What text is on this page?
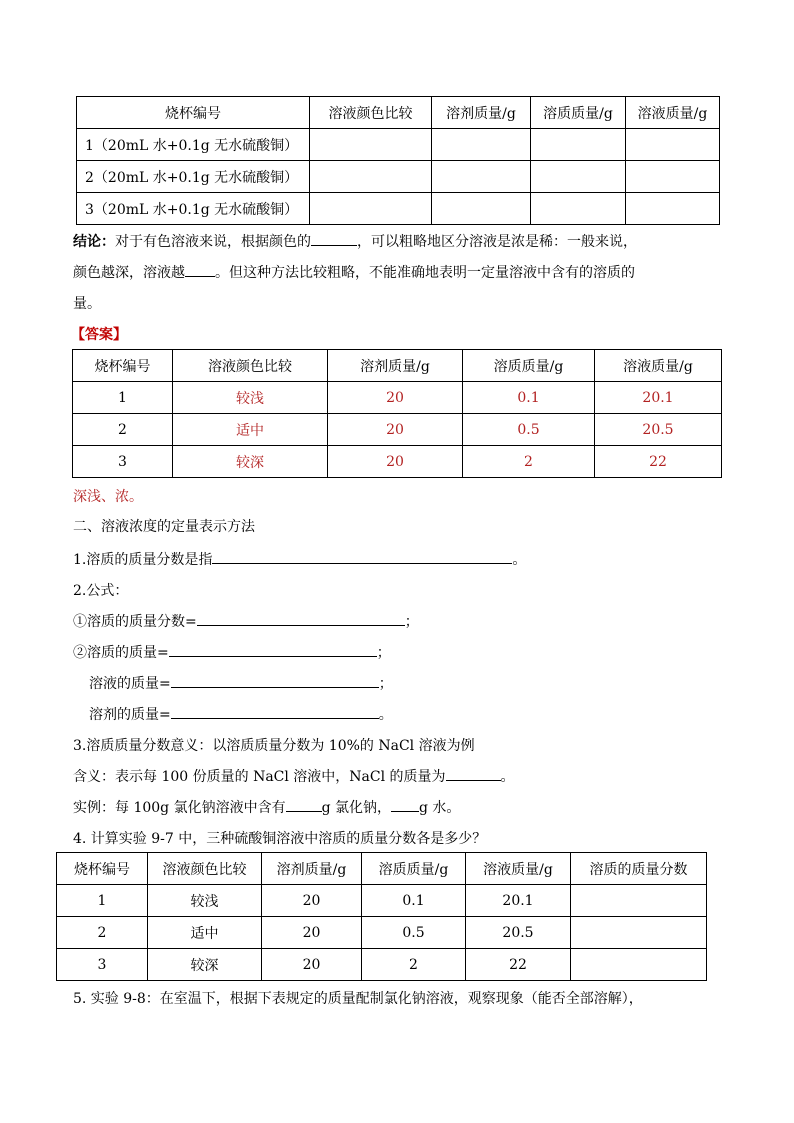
烧杯编号	溶液颜色比较	溶剂质量/g	溶质质量/g	溶液质量/g
1（20mL 水+0.1g 无水硫酸铜）				
2（20mL 水+0.1g 无水硫酸铜）				
3（20mL 水+0.1g 无水硫酸铜）				
结论：对于有色溶液来说，根据颜色的	，可以粗略地区分溶液是浓是稀：一般来说，
颜色越深，溶液越 。但这种方法比较粗略，不能准确地表明一定量溶液中含有的溶质的
量。
【答案】
烧杯编号	溶液颜色比较	溶剂质量/g	溶质质量/g	溶液质量/g
1	较浅	20	0.1	20.1
2	适中	20	0.5	20.5
3	较深	20	2	22
深浅、浓。
二、溶液浓度的定量表示方法
1.溶质的质量分数是指	。
2.公式：
①溶质的质量分数=	；
②溶质的质量=	；
溶液的质量=	；
溶剂的质量=	。
3.溶质质量分数意义：以溶质质量分数为 10%的 NaCl 溶液为例
含义：表示每 100 份质量的 NaCl 溶液中，NaCl 的质量为	。
实例：每 100g 氯化钠溶液中含有	g 氯化钠， g 水。
4. 计算实验 9-7 中，三种硫酸铜溶液中溶质的质量分数各是多少？
烧杯编号	溶液颜色比较	溶剂质量/g	溶质质量/g	溶液质量/g	溶质的质量分数
1	较浅	20	0.1	20.1	
2	适中	20	0.5	20.5	
3	较深	20	2	22	
5. 实验 9-8：在室温下，根据下表规定的质量配制氯化钠溶液，观察现象（能否全部溶解），
